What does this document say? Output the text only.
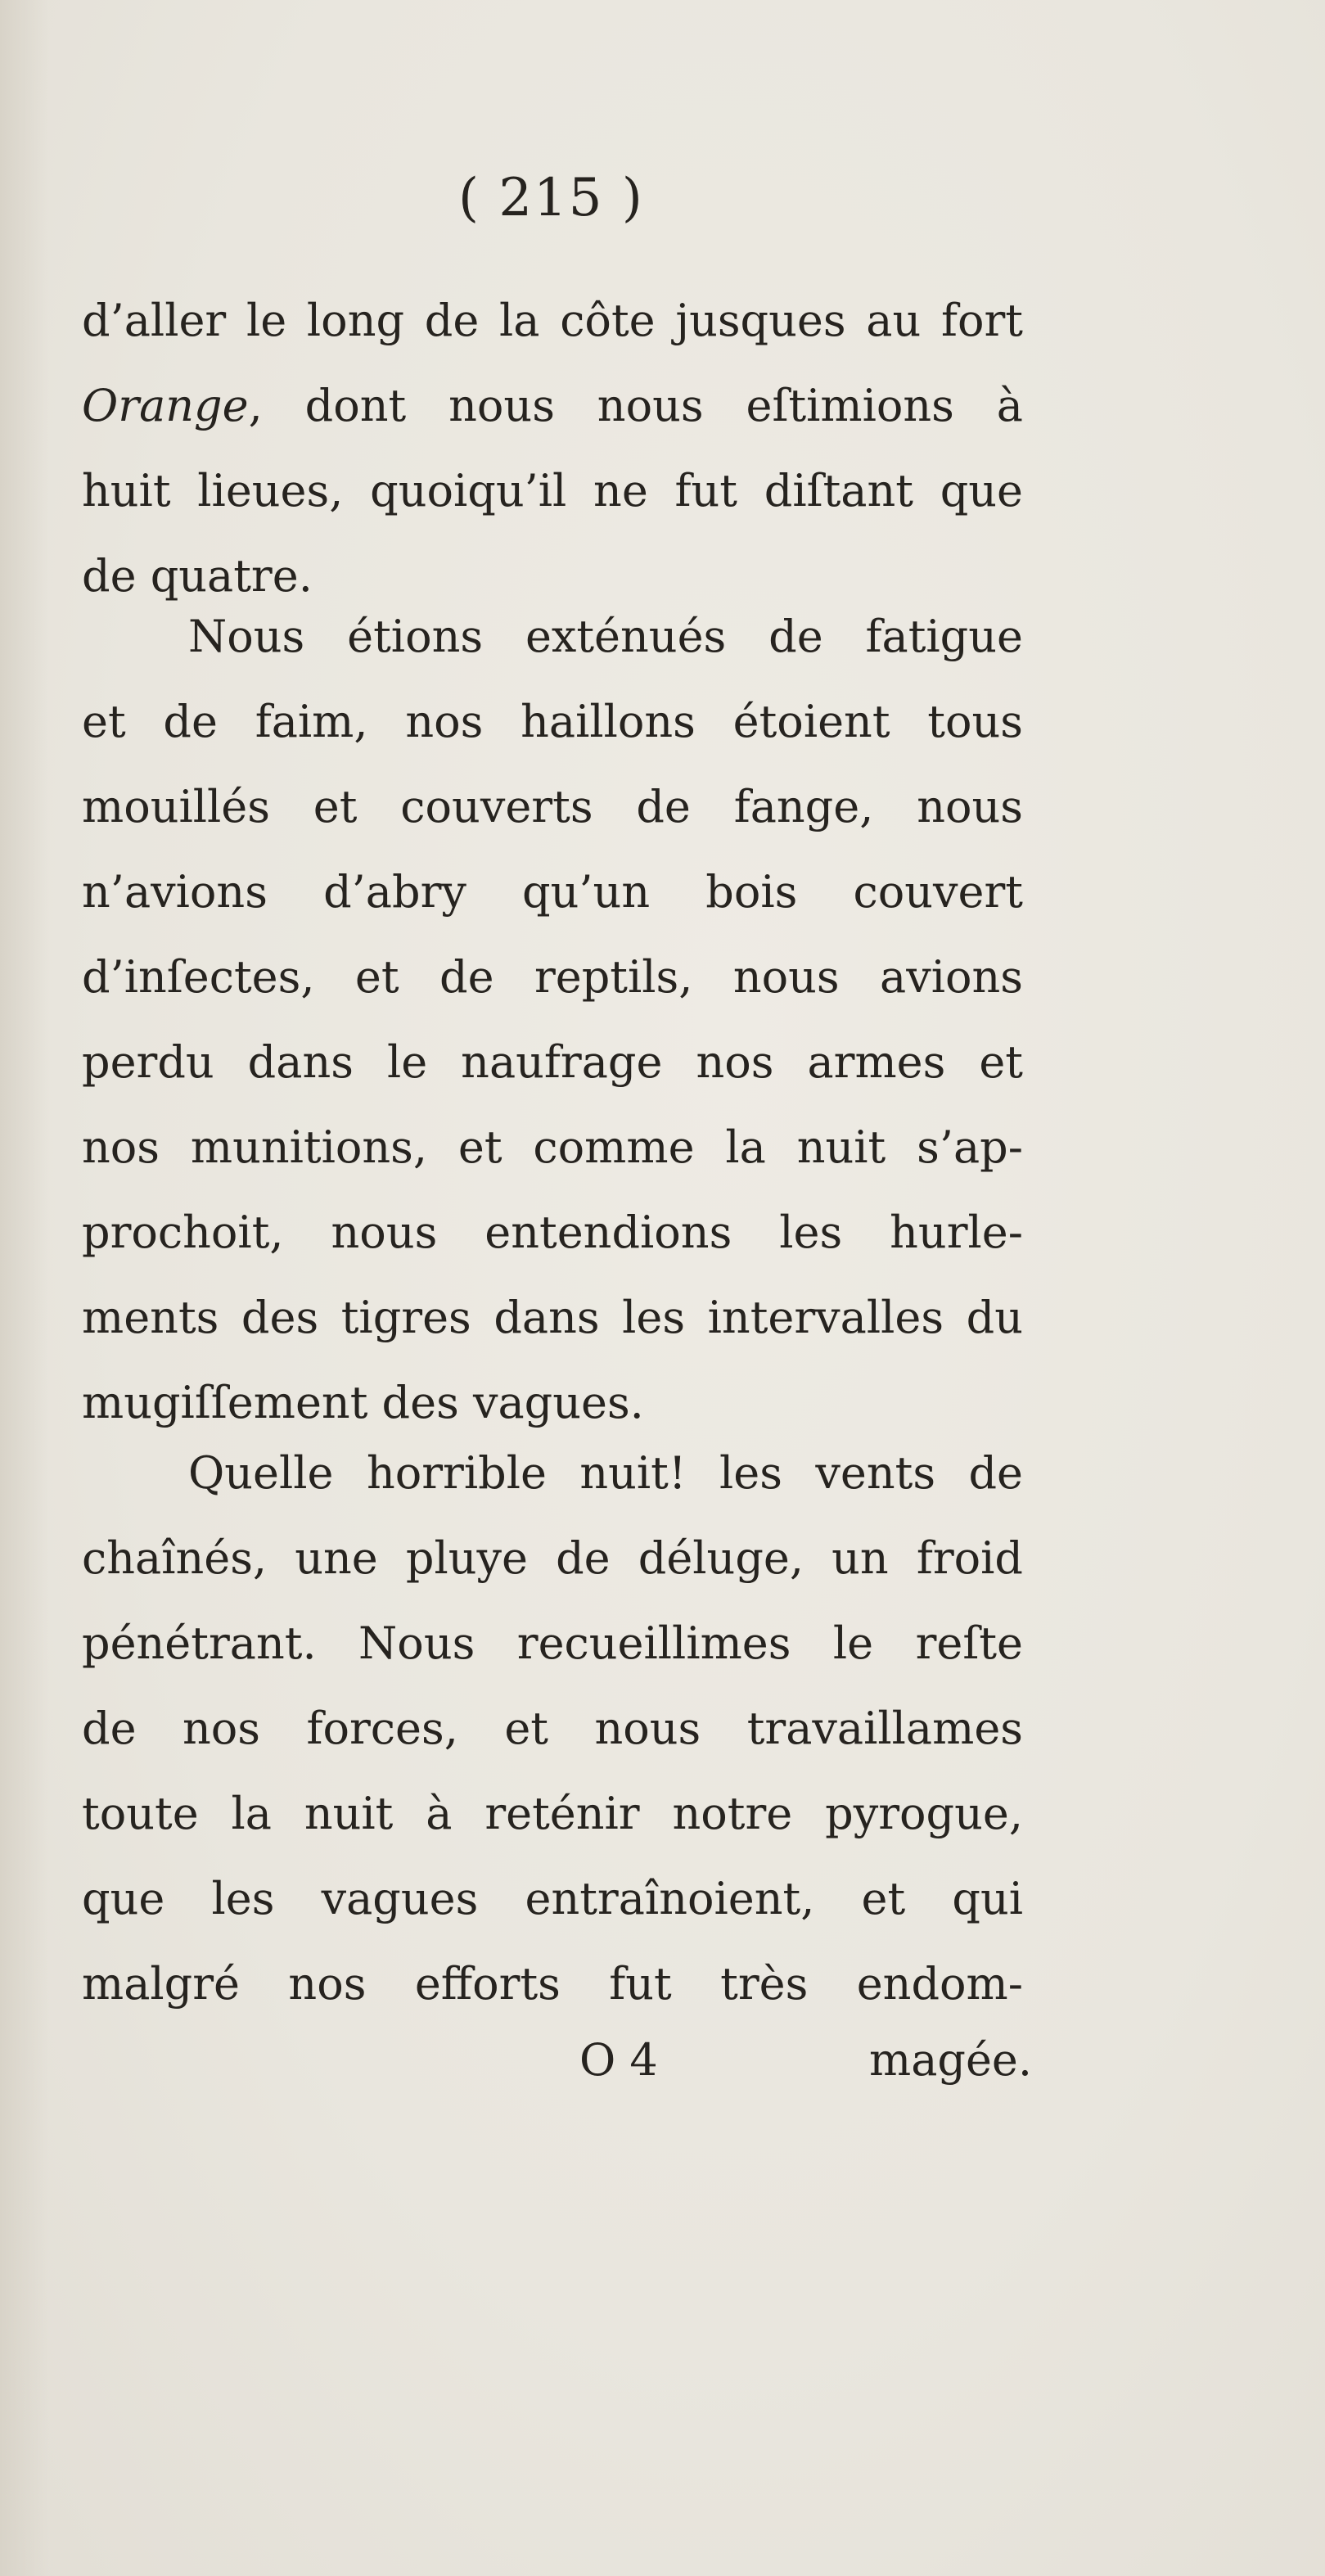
( 215 )
d’aller le long de la côte jusques au fort
Orange, dont nous nous eſtimions à
huit lieues, quoiqu’il ne fut diſtant que
de quatre.
Nous étions exténués de fatigue
et de faim, nos haillons étoient tous
mouillés et couverts de fange, nous
n’avions d’abry qu’un bois couvert
d’inſectes, et de reptils, nous avions
perdu dans le naufrage nos armes et
nos munitions, et comme la nuit s’ap-
prochoit, nous entendions les hurle-
ments des tigres dans les intervalles du
mugiſſement des vagues.
Quelle horrible nuit! les vents de
chaînés, une pluye de déluge, un froid
pénétrant. Nous recueillimes le reſte
de nos forces, et nous travaillames
toute la nuit à reténir notre pyrogue,
que les vagues entraînoient, et qui
malgré nos efforts fut très endom-
O 4	magée.
